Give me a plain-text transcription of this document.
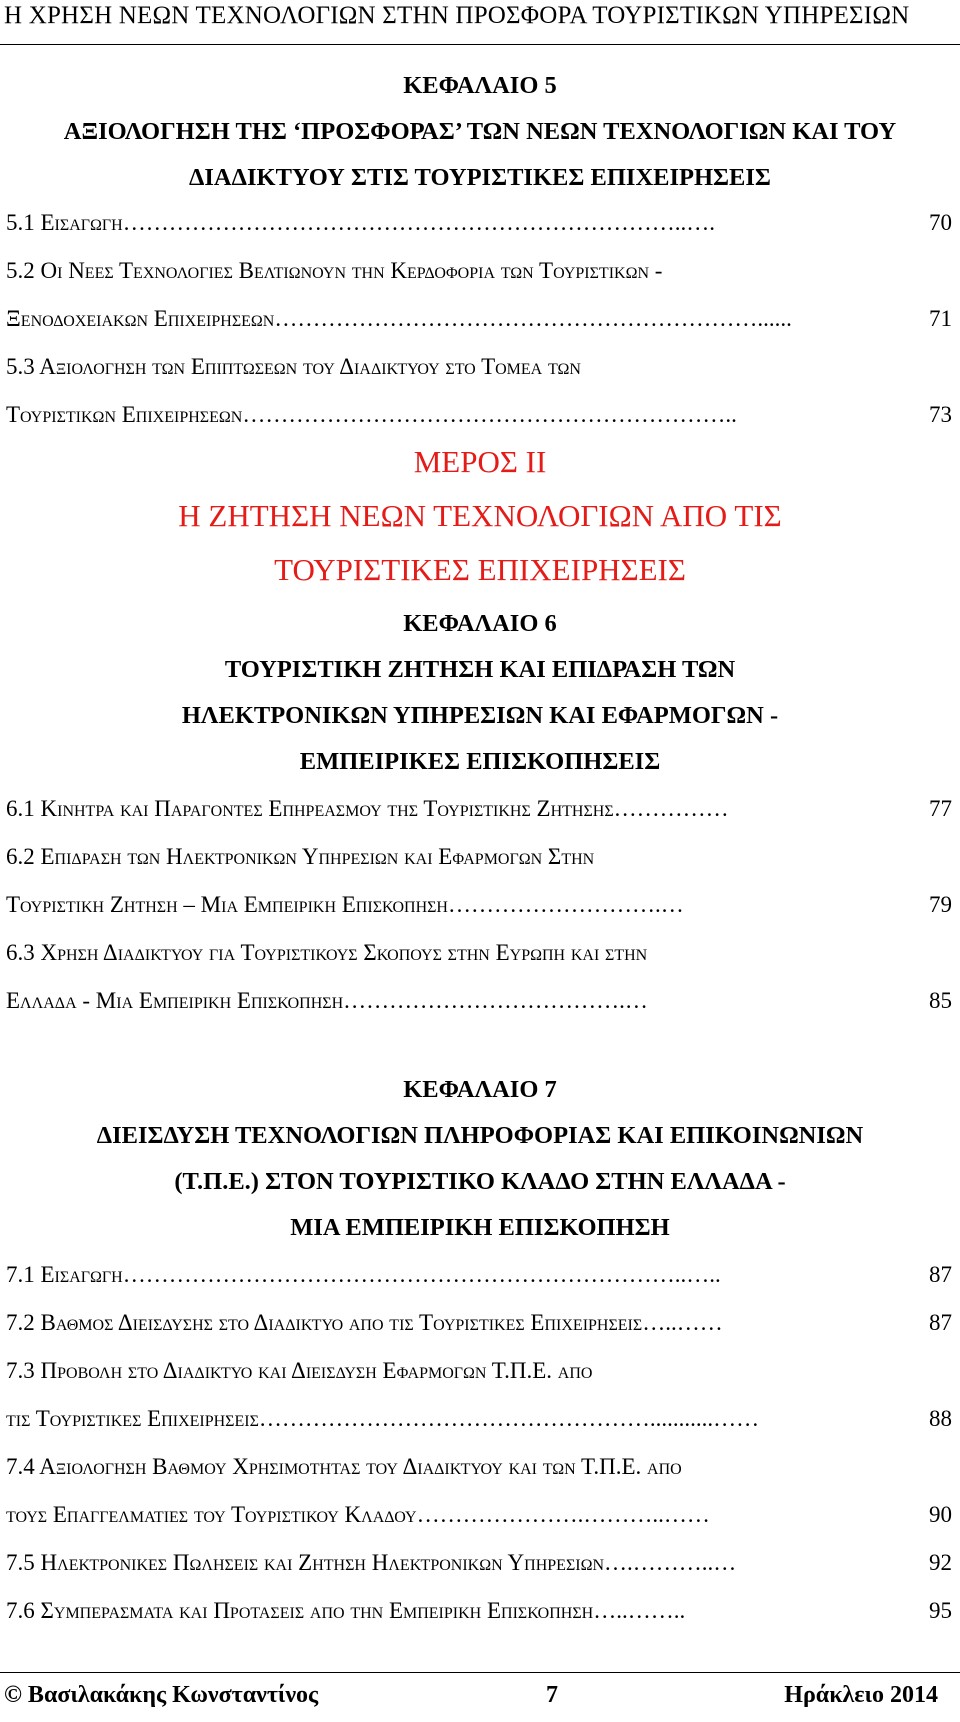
Η ΧΡΗΣΗ ΝΕΩΝ ΤΕΧΝΟΛΟΓΙΩΝ ΣΤΗΝ ΠΡΟΣΦΟΡΑ ΤΟΥΡΙΣΤΙΚΩΝ ΥΠΗΡΕΣΙΩΝ
ΚΕΦΑΛΑΙΟ 5
ΑΞΙΟΛΟΓΗΣΗ ΤΗΣ ‘ΠΡΟΣΦΟΡΑΣ’ ΤΩΝ ΝΕΩΝ ΤΕΧΝΟΛΟΓΙΩΝ ΚΑΙ ΤΟΥ
ΔΙΑΔΙΚΤΥΟΥ ΣΤΙΣ ΤΟΥΡΙΣΤΙΚΕΣ ΕΠΙΧΕΙΡΗΣΕΙΣ
5.1 Εισαγωγη ………………………………………………………………..….	70
5.2 Οι Νεες Τεχνολογιες Βελτιωνουν την Κερδοφορια των Τουριστικων -
Ξενοδοχειακων Επιχειρησεων ………………………………………………………......	71
5.3 Αξιολογηση των Επιπτωσεων του Διαδικτυου στο Τομεα των
Τουριστικων Επιχειρησεων ………………………………………………………..	73
ΜΕΡΟΣ ΙΙ
Η ΖΗΤΗΣΗ ΝΕΩΝ ΤΕΧΝΟΛΟΓΙΩΝ ΑΠΟ ΤΙΣ
ΤΟΥΡΙΣΤΙΚΕΣ ΕΠΙΧΕΙΡΗΣΕΙΣ
ΚΕΦΑΛΑΙΟ 6
ΤΟΥΡΙΣΤΙΚΗ ΖΗΤΗΣΗ ΚΑΙ ΕΠΙΔΡΑΣΗ ΤΩΝ
ΗΛΕΚΤΡΟΝΙΚΩΝ ΥΠΗΡΕΣΙΩΝ ΚΑΙ ΕΦΑΡΜΟΓΩΝ -
ΕΜΠΕΙΡΙΚΕΣ ΕΠΙΣΚΟΠΗΣΕΙΣ
6.1 Κινητρα και Παραγοντες Επηρεασμου της Τουριστικης Ζητησης ……………	77
6.2 Επιδραση των Ηλεκτρονικων Υπηρεσιων και Εφαρμογων Στην
Τουριστικη Ζητηση – Μια Εμπειρικη Επισκοπηση ……………………….…	79
6.3 Χρηση Διαδικτυου για Τουριστικους Σκοπους στην Ευρωπη και στην
Ελλαδα - Μια Εμπειρικη Επισκοπηση ……………………………….…	85
ΚΕΦΑΛΑΙΟ 7
ΔΙΕΙΣΔΥΣΗ ΤΕΧΝΟΛΟΓΙΩΝ ΠΛΗΡΟΦΟΡΙΑΣ ΚΑΙ ΕΠΙΚΟΙΝΩΝΙΩΝ
(Τ.Π.Ε.) ΣΤΟΝ ΤΟΥΡΙΣΤΙΚΟ ΚΛΑΔΟ ΣΤΗΝ ΕΛΛΑΔΑ -
ΜΙΑ ΕΜΠΕΙΡΙΚΗ ΕΠΙΣΚΟΠΗΣΗ
7.1 Εισαγωγη ………………………………………………………………..…..	87
7.2 Βαθμος Διεισδυσης στο Διαδικτυο απο τις Τουριστικες Επιχειρησεις …..……	87
7.3 Προβολη στο Διαδικτυο και Διεισδυση Εφαρμογων Τ.Π.Ε. απο
τις Τουριστικες Επιχειρησεις ……………………………………………...........……	88
7.4 Αξιολογηση Βαθμου Χρησιμοτητας του Διαδικτυου και των Τ.Π.Ε. απο
τους Επαγγελματιες του Τουριστικου Κλαδου ………………….………..……	90
7.5 Ηλεκτρονικες Πωλησεις και Ζητηση Ηλεκτρονικων Υπηρεσιων ….………..…	92
7.6 Συμπερασματα και Προτασεις απο την Εμπειρικη Επισκοπηση …..……..	95
© Βασιλακάκης Κωνσταντίνος	7	Ηράκλειο 2014
